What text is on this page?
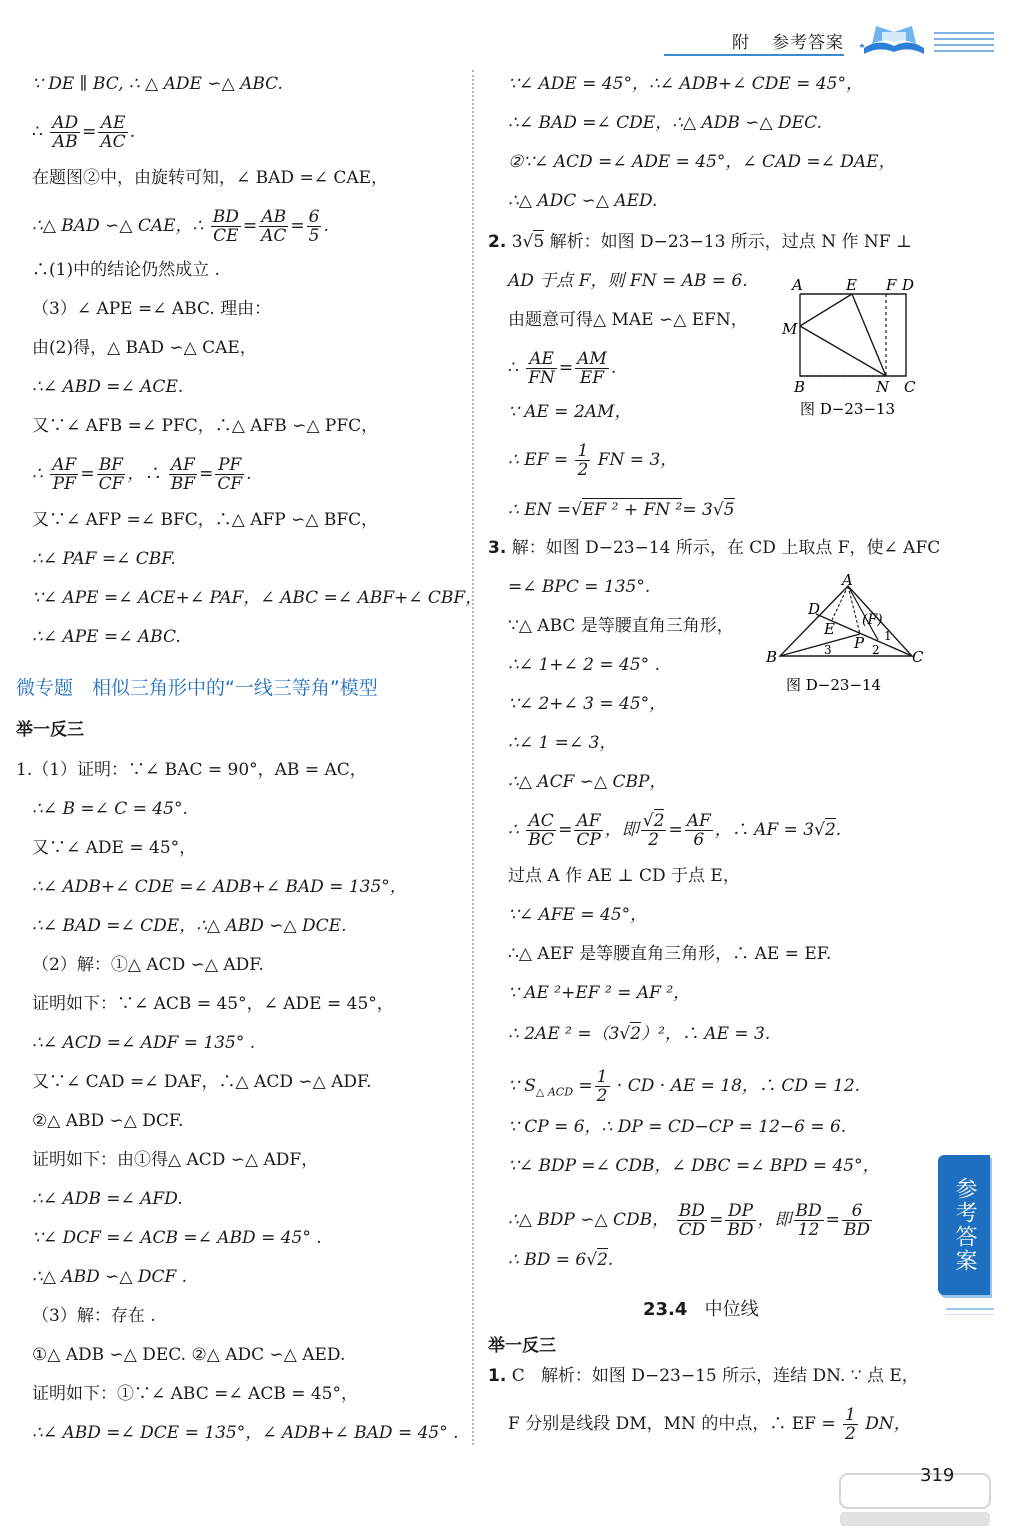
附 参考答案
∵ DE ∥ BC, ∴ △ ADE ∽△ ABC.
∴ $\frac{AD}{AB} = \frac{AE}{AC}$ .
在题图②中，由旋转可知，∠ BAD =∠ CAE，
∴△ BAD ∽△ CAE，∴ $\frac{BD}{CE} = \frac{AB}{AC} = \frac{6}{5}$ .
∴(1)中的结论仍然成立 .
（3）∠ APE =∠ ABC. 理由：
由(2)得，△ BAD ∽△ CAE，
∴∠ ABD =∠ ACE.
又∵∠ AFB =∠ PFC，∴△ AFB ∽△ PFC，
∴ $\frac{AF}{PF} = \frac{BF}{CF}$ ，∴ $\frac{AF}{BF} = \frac{PF}{CF}$ .
又∵∠ AFP =∠ BFC，∴△ AFP ∽△ BFC，
∴∠ PAF =∠ CBF.
∵∠ APE =∠ ACE+∠ PAF，∠ ABC =∠ ABF+∠ CBF，
∴∠ APE =∠ ABC.
微专题　相似三角形中的“一线三等角”模型
举一反三
1.（1）证明：∵∠ BAC = 90°，AB = AC，
∴∠ B =∠ C = 45°.
又∵∠ ADE = 45°，
∴∠ ADB+∠ CDE =∠ ADB+∠ BAD = 135°，
∴∠ BAD =∠ CDE，∴△ ABD ∽△ DCE.
（2）解：①△ ACD ∽△ ADF.
证明如下：∵∠ ACB = 45°，∠ ADE = 45°，
∴∠ ACD =∠ ADF = 135° .
又∵∠ CAD =∠ DAF，∴△ ACD ∽△ ADF.
②△ ABD ∽△ DCF.
证明如下：由①得△ ACD ∽△ ADF，
∴∠ ADB =∠ AFD.
∵∠ DCF =∠ ACB =∠ ABD = 45° .
∴△ ABD ∽△ DCF .
（3）解：存在 .
①△ ADB ∽△ DEC. ②△ ADC ∽△ AED.
证明如下：①∵∠ ABC =∠ ACB = 45°，
∴∠ ABD =∠ DCE = 135°，∠ ADB+∠ BAD = 45° .
∵∠ ADE = 45°，∴∠ ADB+∠ CDE = 45°，
∴∠ BAD =∠ CDE，∴△ ADB ∽△ DEC.
②∵∠ ACD =∠ ADE = 45°，∠ CAD =∠ DAE，
∴△ ADC ∽△ AED.
2. 3√5 解析：如图 D−23−13 所示，过点 N 作 NF ⊥
AD 于点 F，则 FN = AB = 6.
由题意可得△ MAE ∽△ EFN，
∴ $\frac{AE}{FN} = \frac{AM}{EF}$ .
∵ AE = 2AM，
∴ EF = $\frac{1}{2}$ FN = 3，
∴ EN =√EF ² + FN ²= 3√5
3. 解：如图 D−23−14 所示，在 CD 上取点 F，使∠ AFC
=∠ BPC = 135°.
∵△ ABC 是等腰直角三角形，
∴∠ 1+∠ 2 = 45° .
∵∠ 2+∠ 3 = 45°，
∴∠ 1 =∠ 3，
∴△ ACF ∽△ CBP，
∴ $\frac{AC}{BC} = \frac{AF}{CP}$ ，即 $\frac{√2}{2} = \frac{AF}{6}$ ，∴ AF = 3√2.
过点 A 作 AE ⊥ CD 于点 E，
∵∠ AFE = 45°，
∴△ AEF 是等腰直角三角形，∴ AE = EF.
∵ AE ²+EF ² = AF ²，
∴ 2AE ² =（3√2）²，∴ AE = 3.
∵ $S_{\triangle ACD} = \frac{1}{2}$ · CD · AE = 18，∴ CD = 12.
∵ CP = 6，∴ DP = CD−CP = 12−6 = 6.
∵∠ BDP =∠ CDB，∠ DBC =∠ BPD = 45°，
∴△ BDP ∽△ CDB， $\frac{BD}{CD} = \frac{DP}{BD}$ ，即 $\frac{BD}{12} = \frac{6}{BD}$
∴ BD = 6√2.
23.4 中位线
举一反三
1. C 解析：如图 D−23−15 所示，连结 DN. ∵ 点 E，
F 分别是线段 DM，MN 的中点，∴ EF = $\frac{1}{2}$ DN，
A	E F D
M
B	N C
图 D−23−13
A
D
(F)
E
P
B	C
1
2
3
图 D−23−14
参考答案
319
